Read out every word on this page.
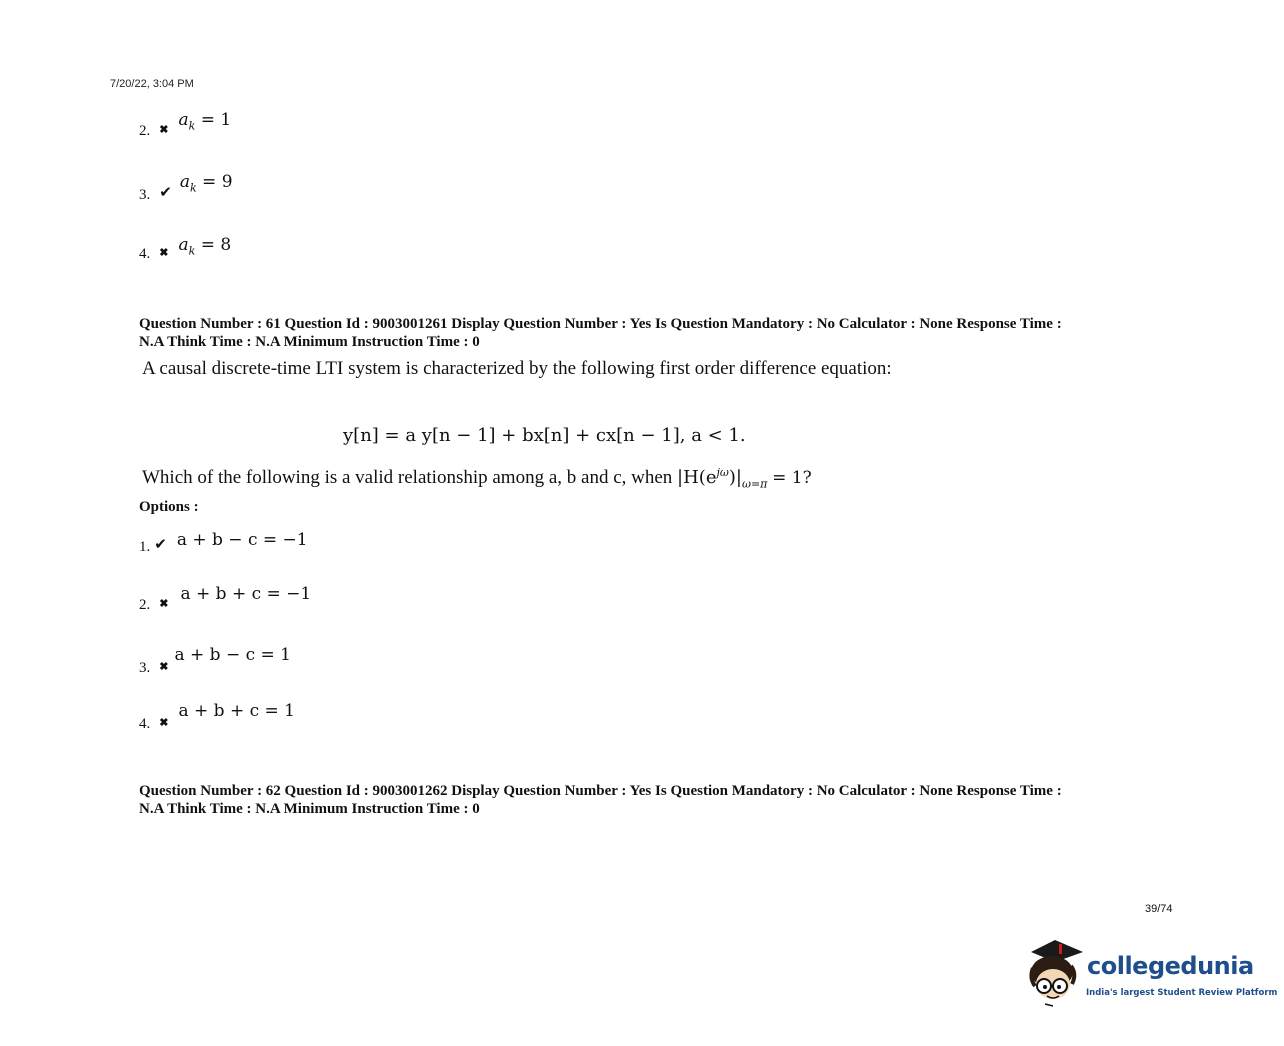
7/20/22, 3:04 PM
2. ✖ $a_k = 1$
3. ✔ $a_k = 9$
4. ✖ $a_k = 8$
Question Number : 61 Question Id : 9003001261 Display Question Number : Yes Is Question Mandatory : No Calculator : None Response Time :
N.A Think Time : N.A Minimum Instruction Time : 0
A causal discrete-time LTI system is characterized by the following first order difference equation:
y[n] = a y[n − 1] + bx[n] + cx[n − 1], a < 1.
Which of the following is a valid relationship among a, b and c, when $|H(e^{j\omega})|_{\omega=\pi} = 1$?
Options :
1. ✔ a + b − c = −1
2. ✖ a + b + c = −1
3. ✖ a + b − c = 1
4. ✖ a + b + c = 1
Question Number : 62 Question Id : 9003001262 Display Question Number : Yes Is Question Mandatory : No Calculator : None Response Time :
N.A Think Time : N.A Minimum Instruction Time : 0
39/74
collegedunia
India's largest Student Review Platform
